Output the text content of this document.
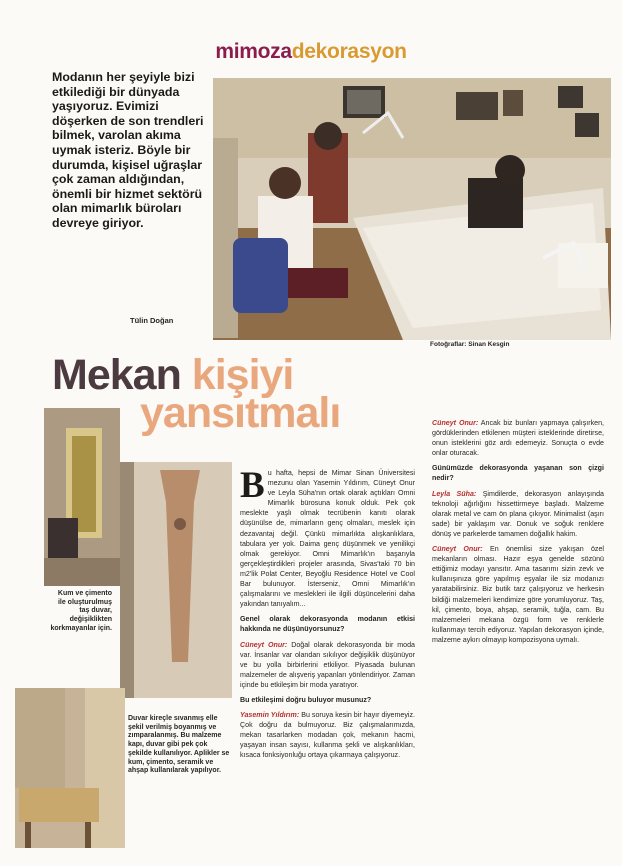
mimozadekorasyon
Modanın her şeyiyle bizi etkilediği bir dünyada yaşıyoruz. Evimizi döşerken de son trendleri bilmek, varolan akıma uymak isteriz. Böyle bir durumda, kişisel uğraşlar çok zaman aldığından, önemli bir hizmet sektörü olan mimarlık büroları devreye giriyor.
Tülin Doğan
Fotoğraflar: Sinan Kesgin
Mekan kişiyi
yansıtmalı
Kum ve çimento ile oluşturulmuş taş duvar, değişiklikten korkmayanlar için.
Duvar kireçle sıvanmış elle şekil verilmiş boyanmış ve zımparalanmış. Bu malzeme kapı, duvar gibi pek çok şekilde kullanılıyor. Aplikler se kum, çimento, seramik ve ahşap kullanılarak yapılıyor.

Bu hafta, hepsi de Mimar Sinan Üniversitesi mezunu olan Yasemin Yıldırım, Cüneyt Onur ve Leyla Süha'nın ortak olarak açtıkları Omni Mimarlık bürosuna konuk olduk. Pek çok meslekte yaşlı olmak tecrübenin kanıtı olarak düşünülse de, mimarların genç olmaları, meslek için dezavantaj değil. Çünkü mimarlıkta alışkanlıklara, tabulara yer yok. Daima genç düşünmek ve yenilikçi olmak gerekiyor. Omni Mimarlık'ın başarıyla gerçekleştirdikleri projeler arasında, Sivas'taki 70 bin m2'lik Polat Center, Beyoğlu Residence Hotel ve Cool Bar bulunuyor. İsterseniz, Omni Mimarlık'ın çalışmalarını ve meslekleri ile ilgili düşüncelerini daha yakından tanıyalım...

Genel olarak dekorasyonda modanın etkisi hakkında ne düşünüyorsunuz?

Cüneyt Onur: Doğal olarak dekorasyonda bir moda var. İnsanlar var olandan sıkılıyor değişiklik düşünüyor ve bu yolla birbirlerini etkiliyor. Piyasada bulunan malzemeler de alışveriş yapanları yönlendiriyor. Zaman içinde bu etkileşim bir moda yaratıyor.

Bu etkileşimi doğru buluyor musunuz?

Yasemin Yıldırım: Bu soruya kesin bir hayır diyemeyiz. Çok doğru da bulmuyoruz. Biz çalışmalarımızda, mekan tasarlarken modadan çok, mekanın hacmi, yaşayan insan sayısı, kullanma şekli ve alışkanlıkları, kısaca fonksiyonluğu ortaya çıkarmaya çalışıyoruz.

Cüneyt Onur: Ancak biz bunları yapmaya çalışırken, gördüklerinden etkilenen müşteri isteklerinde diretirse, onun isteklerini göz ardı edemeyiz. Sonuçta o evde onlar oturacak.

Günümüzde dekorasyonda yaşanan son çizgi nedir?

Leyla Süha: Şimdilerde, dekorasyon anlayışında teknoloji ağırlığını hissettirmeye başladı. Malzeme olarak metal ve cam ön plana çıkıyor. Minimalist (aşırı sade) bir yaklaşım var. Donuk ve soğuk renklere dönüş ve parkelerde tamamen doğallık hakim.

Cüneyt Onur: En önemlisi size yakışan özel mekanların olması. Hazır eşya genelde sözünü ettiğimiz modayı yansıtır. Ama tasarımı sizin zevk ve kullanışınıza göre yapılmış eşyalar ile siz modanızı yaratabilirsiniz. Biz butik tarz çalışıyoruz ve herkesin bildiği malzemeleri kendimize göre yorumluyoruz. Taş, kil, çimento, boya, ahşap, seramik, tuğla, cam. Bu malzemeleri mekana özgü form ve renklerle kullanmayı tercih ediyoruz. Yapılan dekorasyon içinde, malzeme aykırı olmayıp kompozisyona uymalı.
